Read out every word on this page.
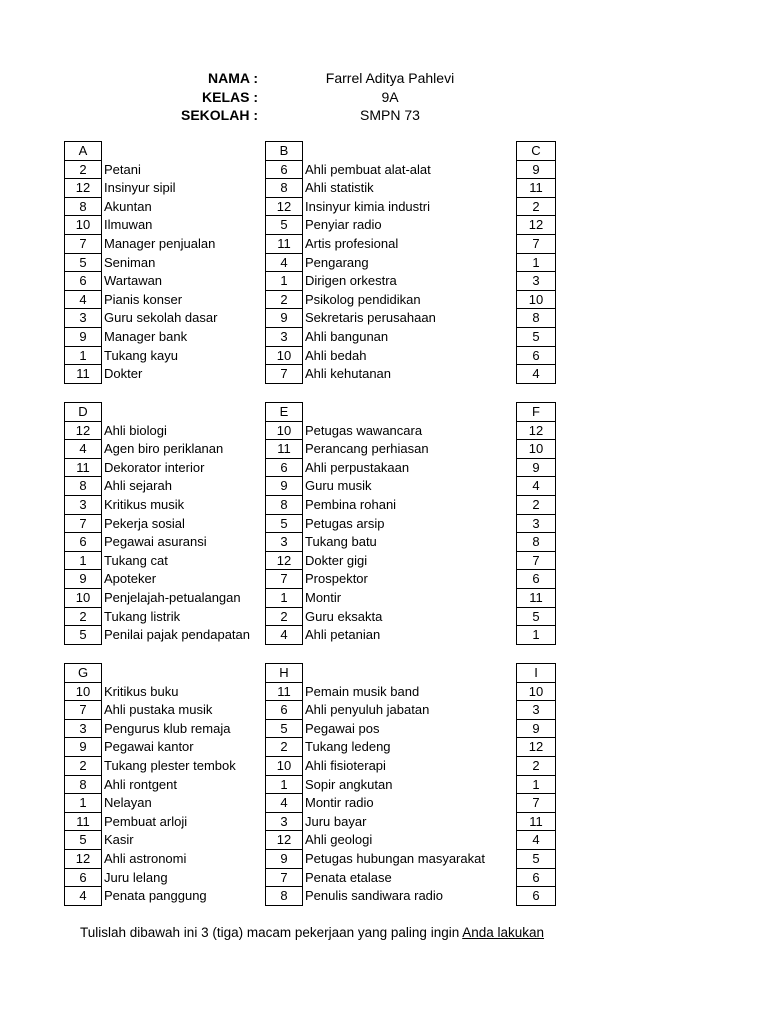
NAMA :	Farrel Aditya Pahlevi
KELAS :	9A
SEKOLAH :	SMPN 73
A	B	C
2	Petani	6	Ahli pembuat alat-alat	9
12	Insinyur sipil	8	Ahli statistik	11
8	Akuntan	12	Insinyur kimia industri	2
10	Ilmuwan	5	Penyiar radio	12
7	Manager penjualan	11	Artis profesional	7
5	Seniman	4	Pengarang	1
6	Wartawan	1	Dirigen orkestra	3
4	Pianis konser	2	Psikolog pendidikan	10
3	Guru sekolah dasar	9	Sekretaris perusahaan	8
9	Manager bank	3	Ahli bangunan	5
1	Tukang kayu	10	Ahli bedah	6
11	Dokter	7	Ahli kehutanan	4
D	E	F
12	Ahli biologi	10	Petugas wawancara	12
4	Agen biro periklanan	11	Perancang perhiasan	10
11	Dekorator interior	6	Ahli perpustakaan	9
8	Ahli sejarah	9	Guru musik	4
3	Kritikus musik	8	Pembina rohani	2
7	Pekerja sosial	5	Petugas arsip	3
6	Pegawai asuransi	3	Tukang batu	8
1	Tukang cat	12	Dokter gigi	7
9	Apoteker	7	Prospektor	6
10	Penjelajah-petualangan	1	Montir	11
2	Tukang listrik	2	Guru eksakta	5
5	Penilai pajak pendapatan	4	Ahli petanian	1
G	H	I
10	Kritikus buku	11	Pemain musik band	10
7	Ahli pustaka musik	6	Ahli penyuluh jabatan	3
3	Pengurus klub remaja	5	Pegawai pos	9
9	Pegawai kantor	2	Tukang ledeng	12
2	Tukang plester tembok	10	Ahli fisioterapi	2
8	Ahli rontgent	1	Sopir angkutan	1
1	Nelayan	4	Montir radio	7
11	Pembuat arloji	3	Juru bayar	11
5	Kasir	12	Ahli geologi	4
12	Ahli astronomi	9	Petugas hubungan masyarakat	5
6	Juru lelang	7	Penata etalase	6
4	Penata panggung	8	Penulis sandiwara radio	6
Tulislah dibawah ini 3 (tiga) macam pekerjaan yang paling ingin Anda lakukan
